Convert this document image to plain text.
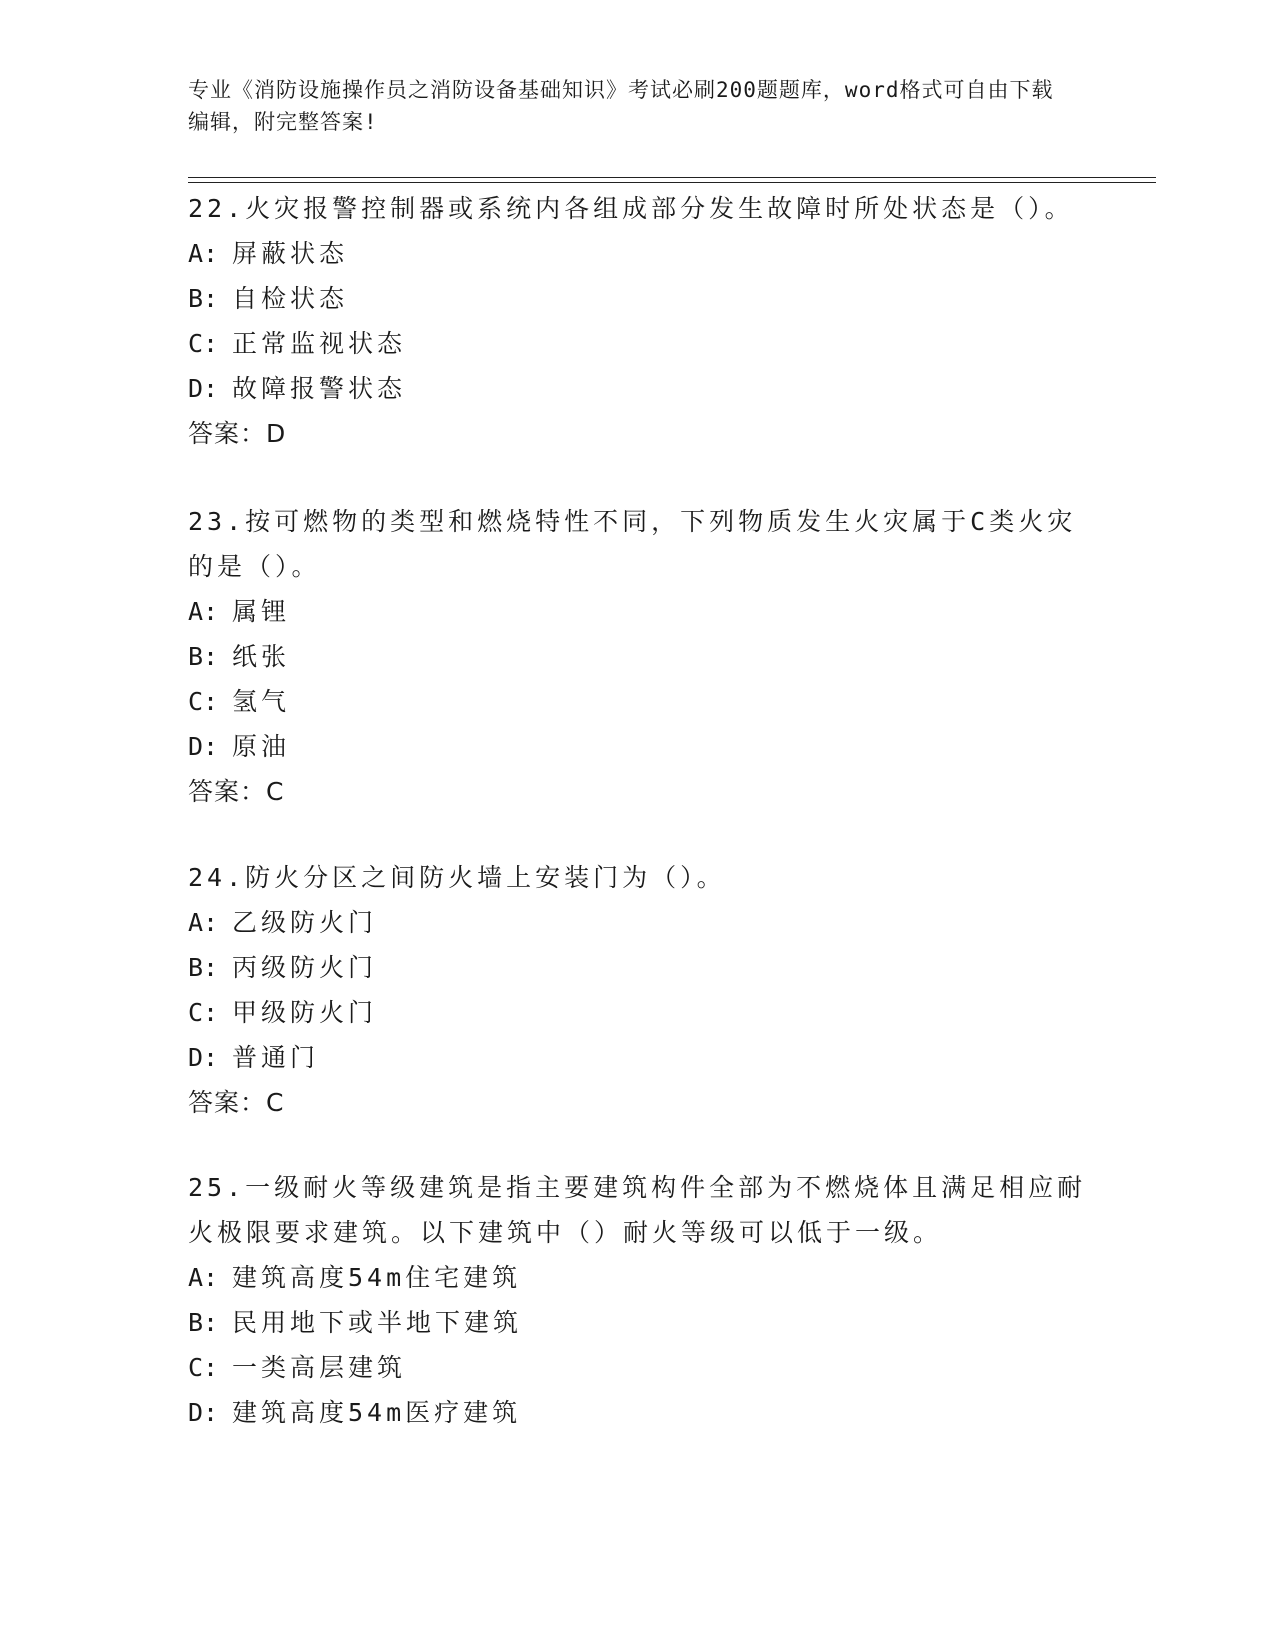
专业《消防设施操作员之消防设备基础知识》考试必刷200题题库，word格式可自由下载编辑，附完整答案!

22.火灾报警控制器或系统内各组成部分发生故障时所处状态是（）。

A: 屏蔽状态
B: 自检状态
C: 正常监视状态
D: 故障报警状态
答案：D

23.按可燃物的类型和燃烧特性不同，下列物质发生火灾属于C类火灾的是（）。

A: 属锂
B: 纸张
C: 氢气
D: 原油
答案：C

24.防火分区之间防火墙上安装门为（）。

A: 乙级防火门
B: 丙级防火门
C: 甲级防火门
D: 普通门
答案：C

25.一级耐火等级建筑是指主要建筑构件全部为不燃烧体且满足相应耐火极限要求建筑。以下建筑中（）耐火等级可以低于一级。

A: 建筑高度54m住宅建筑
B: 民用地下或半地下建筑
C: 一类高层建筑
D: 建筑高度54m医疗建筑
